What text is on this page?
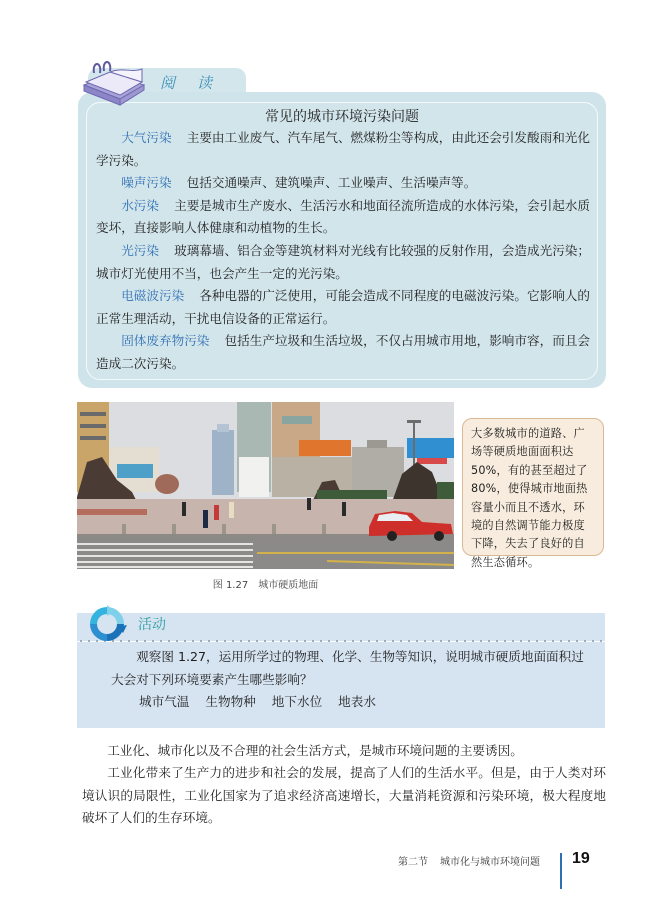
阅读
常见的城市环境污染问题

大气污染 主要由工业废气、汽车尾气、燃煤粉尘等构成，由此还会引发酸雨和光化学污染。

噪声污染 包括交通噪声、建筑噪声、工业噪声、生活噪声等。

水污染 主要是城市生产废水、生活污水和地面径流所造成的水体污染，会引起水质变坏，直接影响人体健康和动植物的生长。

光污染 玻璃幕墙、铝合金等建筑材料对光线有比较强的反射作用，会造成光污染；城市灯光使用不当，也会产生一定的光污染。

电磁波污染 各种电器的广泛使用，可能会造成不同程度的电磁波污染。它影响人的正常生理活动，干扰电信设备的正常运行。

固体废弃物污染 包括生产垃圾和生活垃圾，不仅占用城市用地，影响市容，而且会造成二次污染。

图 1.27 城市硬质地面
大多数城市的道路、广场等硬质地面面积达 50%，有的甚至超过了 80%，使得城市地面热容量小而且不透水，环境的自然调节能力极度下降，失去了良好的自然生态循环。
活动
观察图 1.27，运用所学过的物理、化学、生物等知识，说明城市硬质地面面积过大会对下列环境要素产生哪些影响？
城市气温 生物物种 地下水位 地表水

工业化、城市化以及不合理的社会生活方式，是城市环境问题的主要诱因。

工业化带来了生产力的进步和社会的发展，提高了人们的生活水平。但是，由于人类对环境认识的局限性，工业化国家为了追求经济高速增长，大量消耗资源和污染环境，极大程度地破坏了人们的生存环境。

第二节 城市化与城市环境问题 19
